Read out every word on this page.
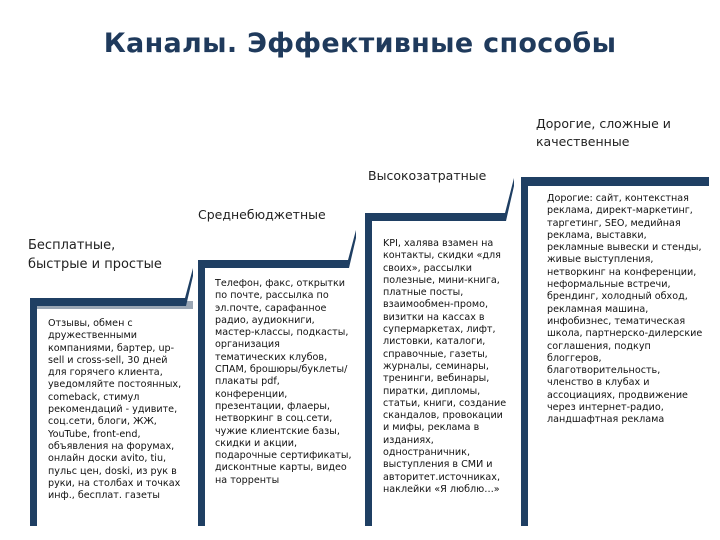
Каналы. Эффективные способы
Бесплатные, быстрые и простые
Среднебюджетные
Высокозатратные
Дорогие, сложные и качественные
Отзывы, обмен с дружественными компаниями, бартер, up-sell и cross-sell, 30 дней для горячего клиента, уведомляйте постоянных, comeback, стимул рекомендаций - удивите, соц.сети, блоги, ЖЖ, YouTube, front-end, объявления на форумах, онлайн доски avito, tiu, пульс цен, doski, из рук в руки, на столбах и точках инф., бесплат. газеты
Телефон, факс, открытки по почте, рассылка по эл.почте, сарафанное радио, аудиокниги, мастер-классы, подкасты, организация тематических клубов, СПАМ, брошюры/буклеты/плакаты pdf, конференции, презентации, флаеры, нетворкинг в соц.сети, чужие клиентские базы, скидки и акции, подарочные сертификаты, дисконтные карты, видео на торренты
KPI, халява взамен на контакты, скидки «для своих», рассылки полезные, мини-книга, платные посты, взаимообмен-промо, визитки на кассах в супермаркетах, лифт, листовки, каталоги, справочные, газеты, журналы, семинары, тренинги, вебинары, пиратки, дипломы, статьи, книги, создание скандалов, провокации и мифы, реклама в изданиях, одностраничник, выступления в СМИ и авторитет.источниках, наклейки «Я люблю…»
Дорогие: сайт, контекстная реклама, директ-маркетинг, таргетинг, SEO, медийная реклама, выставки, рекламные вывески и стенды, живые выступления, нетворкинг на конференции, неформальные встречи, брендинг, холодный обход, рекламная машина, инфобизнес, тематическая школа, партнерско-дилерские соглашения, подкуп блоггеров, благотворительность, членство в клубах и ассоциациях, продвижение через интернет-радио, ландшафтная реклама
